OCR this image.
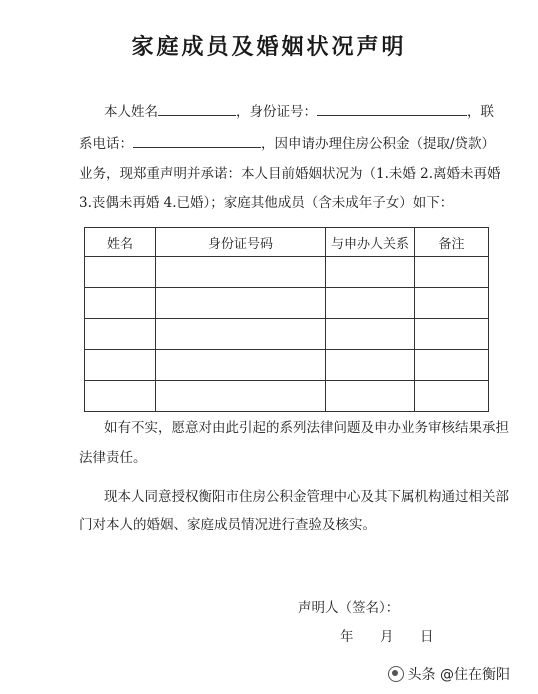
家庭成员及婚姻状况声明
本人姓名	，身份证号：	，联
系电话：	，因申请办理住房公积金（提取/贷款）
业务，现郑重声明并承诺：本人目前婚姻状况为（1.未婚 2.离婚未再婚
3.丧偶未再婚 4.已婚）；家庭其他成员（含未成年子女）如下：
姓名	身份证号码	与申办人关系	备注

如有不实，愿意对由此引起的系列法律问题及申办业务审核结果承担
法律责任。
现本人同意授权衡阳市住房公积金管理中心及其下属机构通过相关部
门对本人的婚姻、家庭成员情况进行查验及核实。
声明人（签名）：
年 月 日
头条 @住在衡阳
